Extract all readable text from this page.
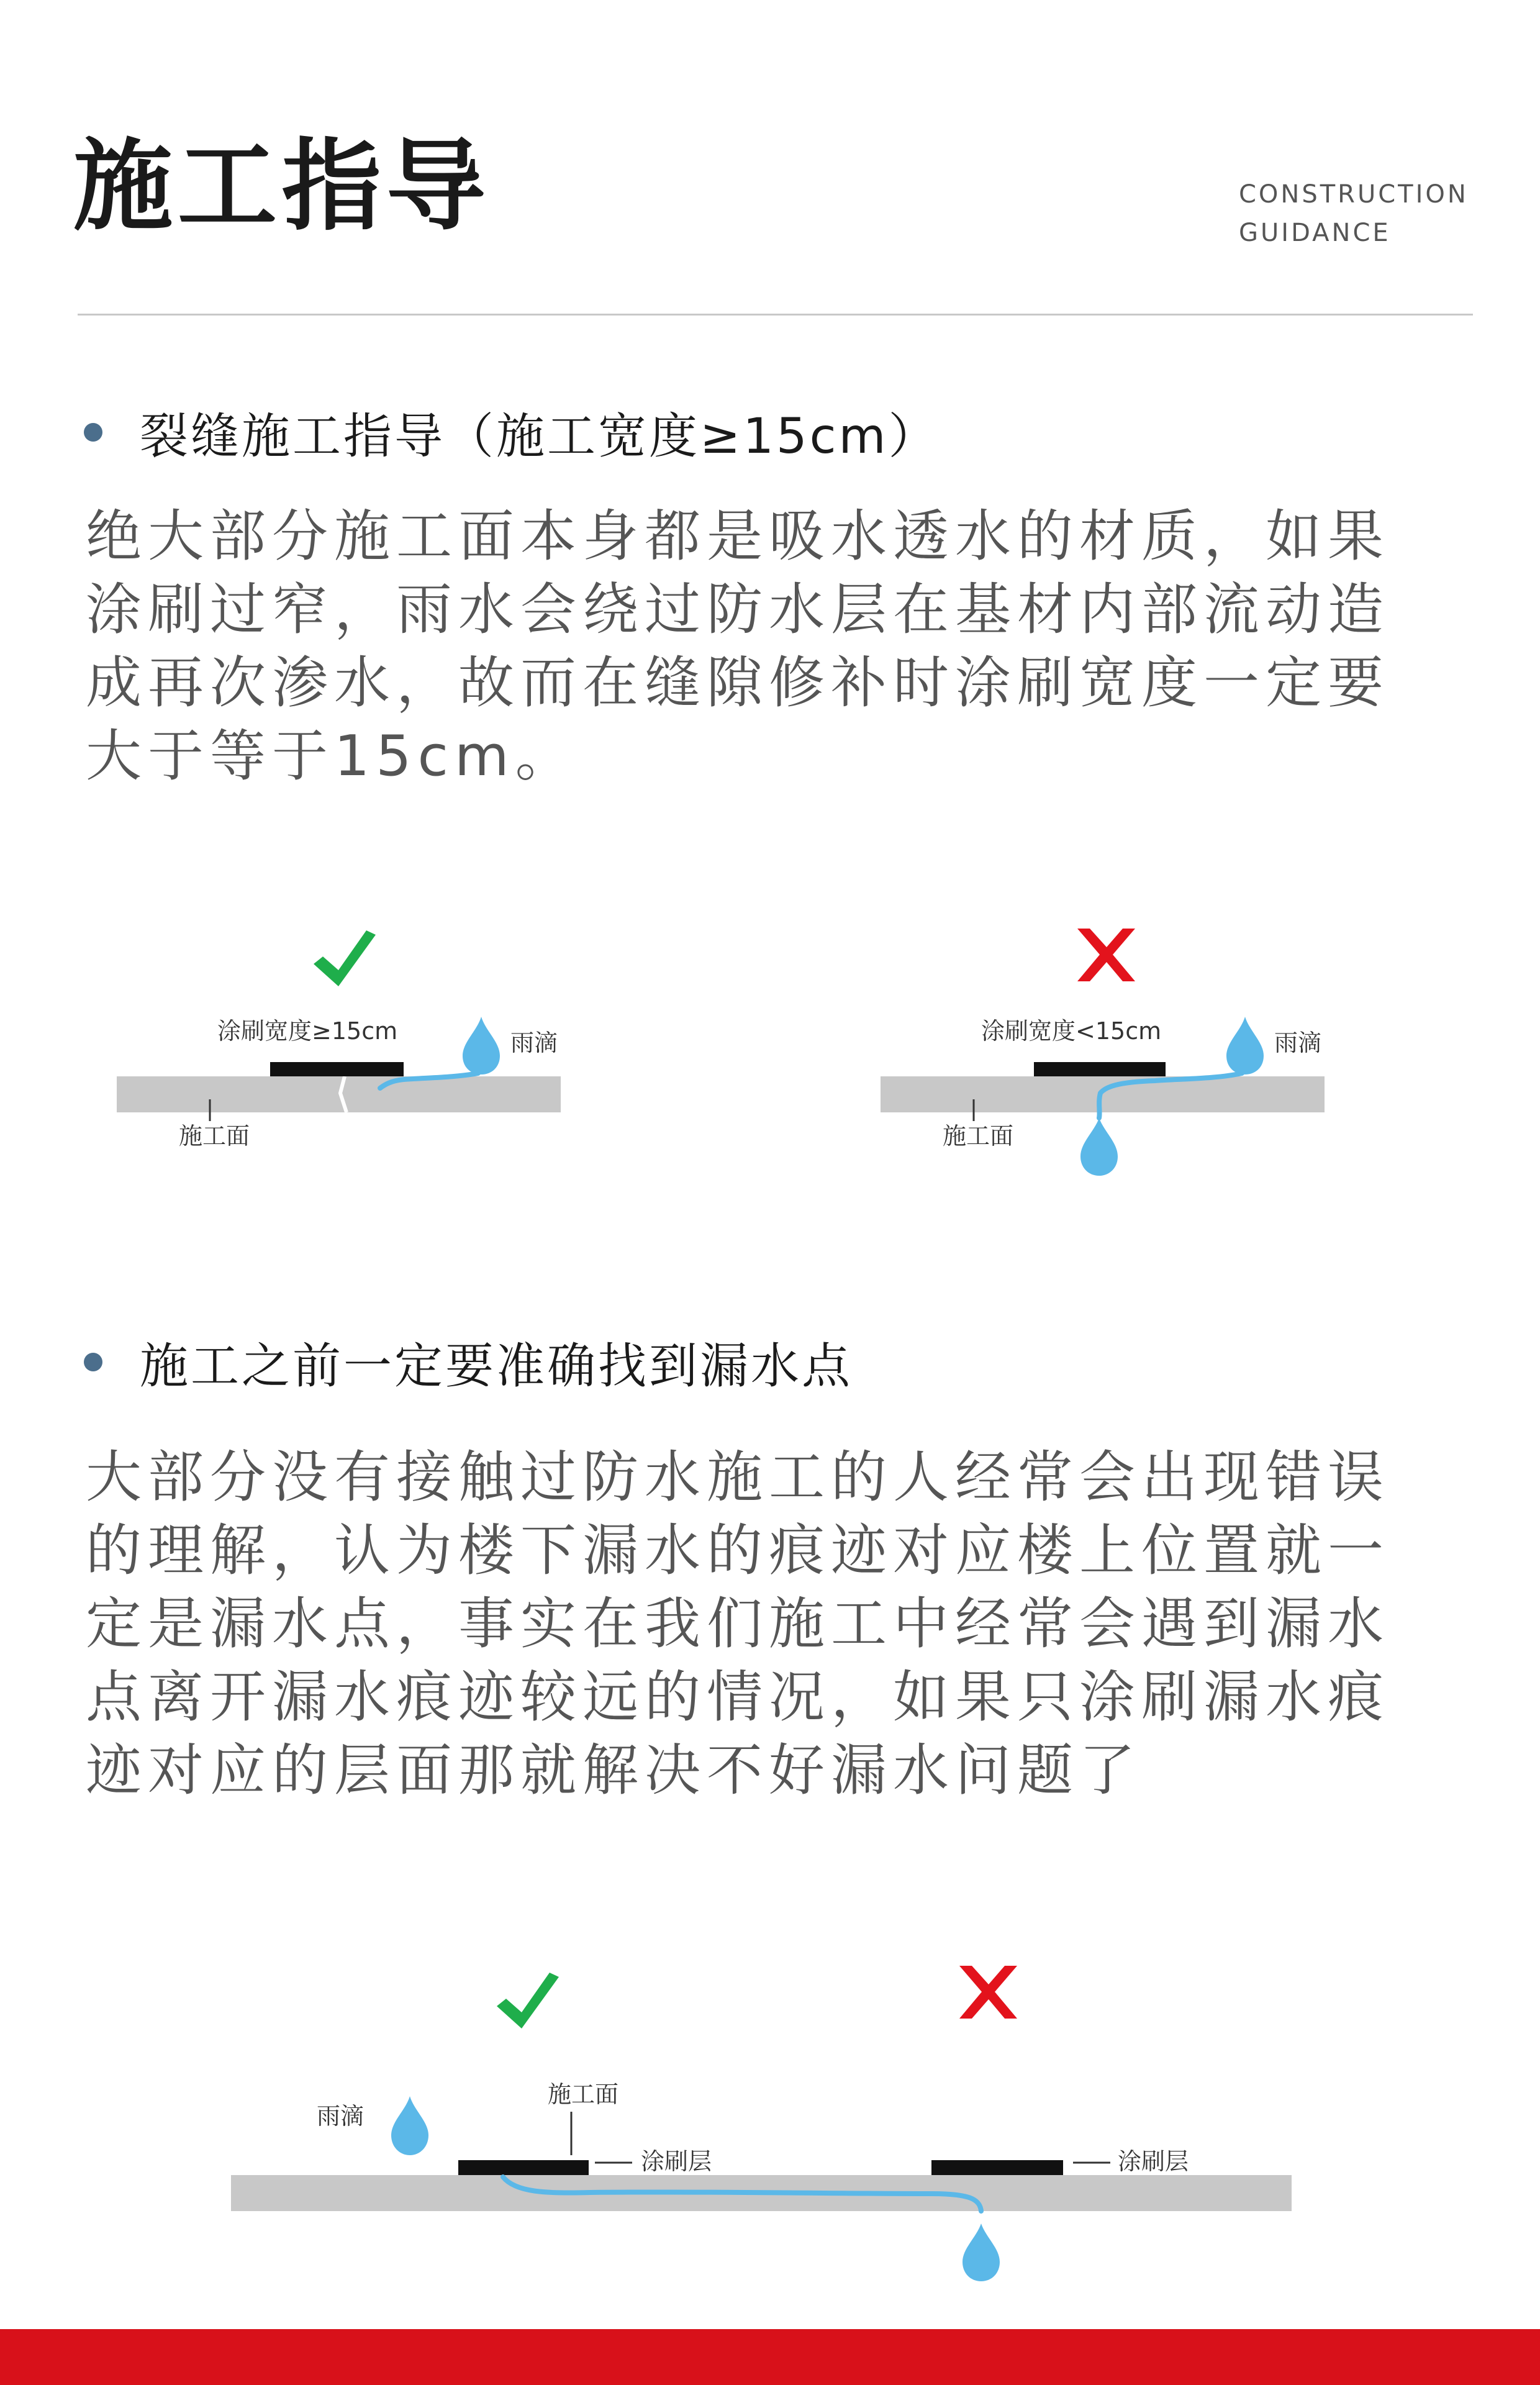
施工指导	CONSTRUCTION
GUIDANCE
裂缝施工指导（施工宽度≥15cm）
绝大部分施工面本身都是吸水透水的材质，如果涂刷过窄，雨水会绕过防水层在基材内部流动造成再次渗水，故而在缝隙修补时涂刷宽度一定要大于等于15cm。
涂刷宽度≥15cm	雨滴
施工面
涂刷宽度<15cm	雨滴
施工面
施工之前一定要准确找到漏水点
大部分没有接触过防水施工的人经常会出现错误的理解，认为楼下漏水的痕迹对应楼上位置就一定是漏水点，事实在我们施工中经常会遇到漏水点离开漏水痕迹较远的情况，如果只涂刷漏水痕迹对应的层面那就解决不好漏水问题了
雨滴
施工面
涂刷层	涂刷层
